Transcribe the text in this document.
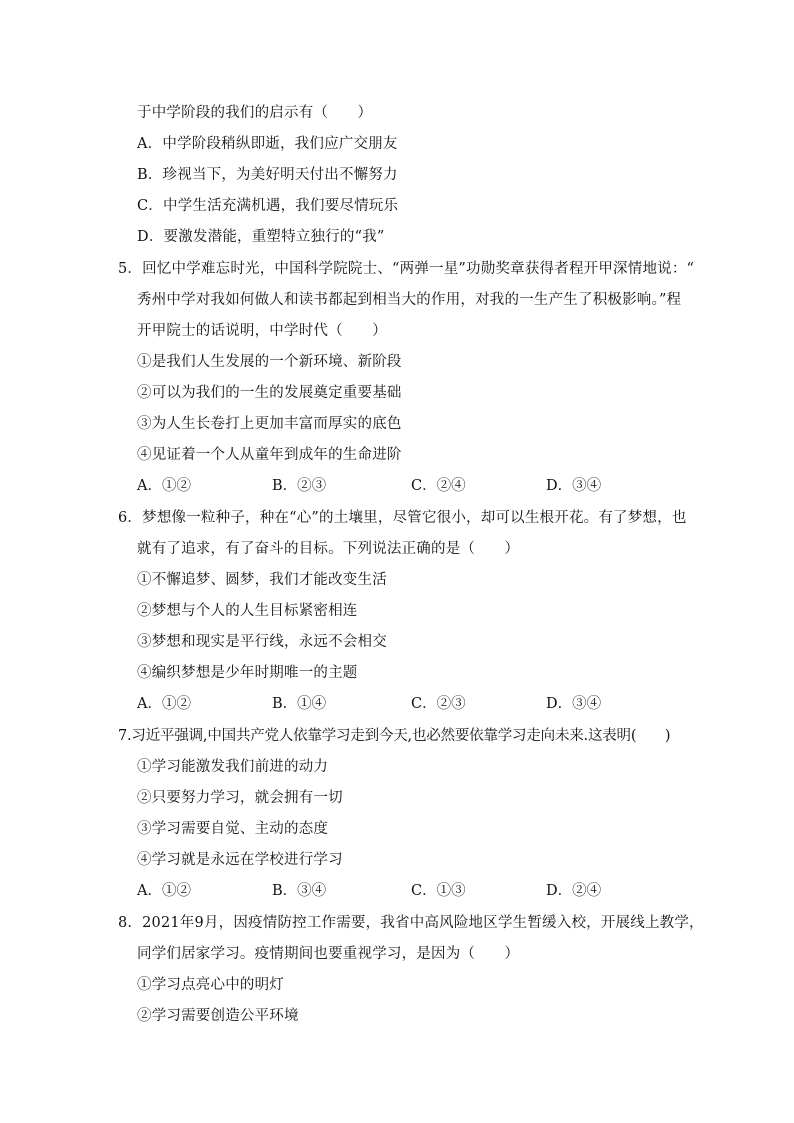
于中学阶段的我们的启示有（　　）
A．中学阶段稍纵即逝，我们应广交朋友
B．珍视当下，为美好明天付出不懈努力
C．中学生活充满机遇，我们要尽情玩乐
D．要激发潜能，重塑特立独行的“我”
5．回忆中学难忘时光，中国科学院院士、“两弹一星”功勋奖章获得者程开甲深情地说：“
秀州中学对我如何做人和读书都起到相当大的作用，对我的一生产生了积极影响。”程
开甲院士的话说明，中学时代（　　）
①是我们人生发展的一个新环境、新阶段
②可以为我们的一生的发展奠定重要基础
③为人生长卷打上更加丰富而厚实的底色
④见证着一个人从童年到成年的生命进阶
A．①②	B．②③	C．②④	D．③④
6．梦想像一粒种子，种在“心”的土壤里，尽管它很小，却可以生根开花。有了梦想，也
就有了追求，有了奋斗的目标。下列说法正确的是（　　）
①不懈追梦、圆梦，我们才能改变生活
②梦想与个人的人生目标紧密相连
③梦想和现实是平行线，永远不会相交
④编织梦想是少年时期唯一的主题
A．①②	B．①④	C．②③	D．③④
7.习近平强调,中国共产党人依靠学习走到今天,也必然要依靠学习走向未来.这表明(　　)
①学习能激发我们前进的动力
②只要努力学习，就会拥有一切
③学习需要自觉、主动的态度
④学习就是永远在学校进行学习
A．①②	B．③④	C．①③	D．②④
8．2021年9月，因疫情防控工作需要，我省中高风险地区学生暂缓入校，开展线上教学，
同学们居家学习。疫情期间也要重视学习，是因为（　　）
①学习点亮心中的明灯
②学习需要创造公平环境
